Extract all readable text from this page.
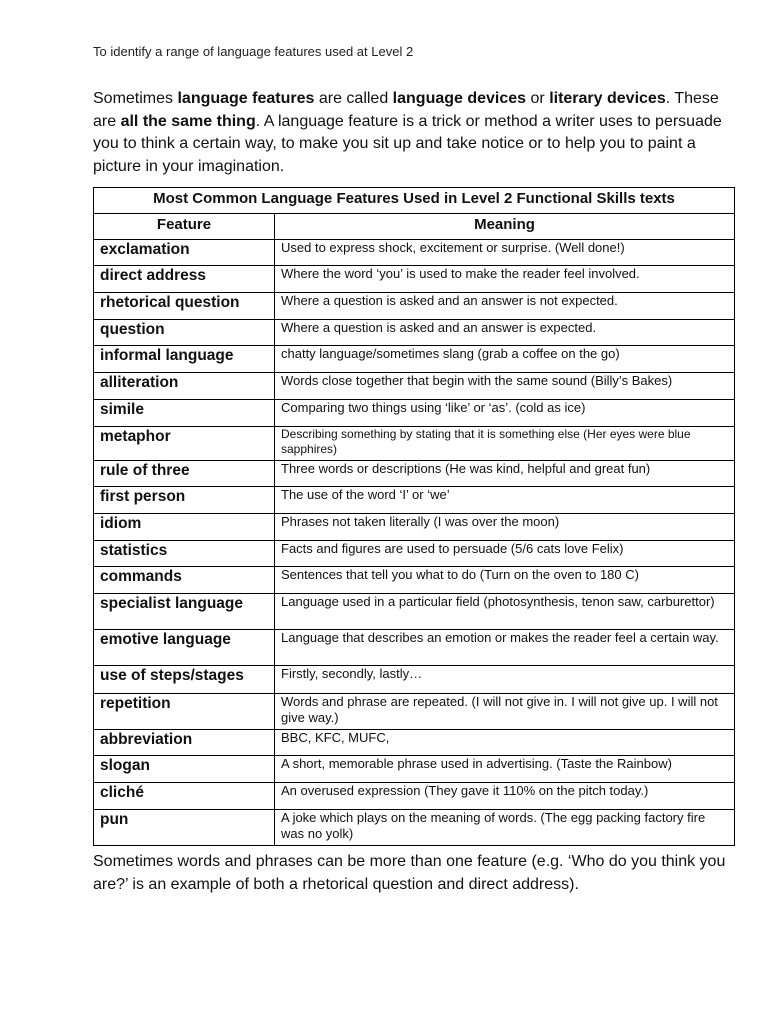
To identify a range of language features used at Level 2

Sometimes language features are called language devices or literary devices. These are all the same thing. A language feature is a trick or method a writer uses to persuade you to think a certain way, to make you sit up and take notice or to help you to paint a picture in your imagination.

Most Common Language Features Used in Level 2 Functional Skills texts	
Feature	Meaning
exclamation	Used to express shock, excitement or surprise. (Well done!)
direct address	Where the word ‘you’ is used to make the reader feel involved.
rhetorical question	Where a question is asked and an answer is not expected.
question	Where a question is asked and an answer is expected.
informal language	chatty language/sometimes slang (grab a coffee on the go)
alliteration	Words close together that begin with the same sound (Billy’s Bakes)
simile	Comparing two things using ‘like’ or ‘as’. (cold as ice)
metaphor	Describing something by stating that it is something else (Her eyes were blue sapphires)
rule of three	Three words or descriptions (He was kind, helpful and great fun)
first person	The use of the word ‘I’ or ‘we’
idiom	Phrases not taken literally (I was over the moon)
statistics	Facts and figures are used to persuade (5/6 cats love Felix)
commands	Sentences that tell you what to do (Turn on the oven to 180 C)
specialist language	Language used in a particular field (photosynthesis, tenon saw, carburettor)
emotive language	Language that describes an emotion or makes the reader feel a certain way.
use of steps/stages	Firstly, secondly, lastly…
repetition	Words and phrase are repeated. (I will not give in. I will not give up. I will not give way.)
abbreviation	BBC, KFC, MUFC,
slogan	A short, memorable phrase used in advertising. (Taste the Rainbow)
cliché	An overused expression (They gave it 110% on the pitch today.)
pun	A joke which plays on the meaning of words. (The egg packing factory fire was no yolk)

Sometimes words and phrases can be more than one feature (e.g. ‘Who do you think you are?’ is an example of both a rhetorical question and direct address).
